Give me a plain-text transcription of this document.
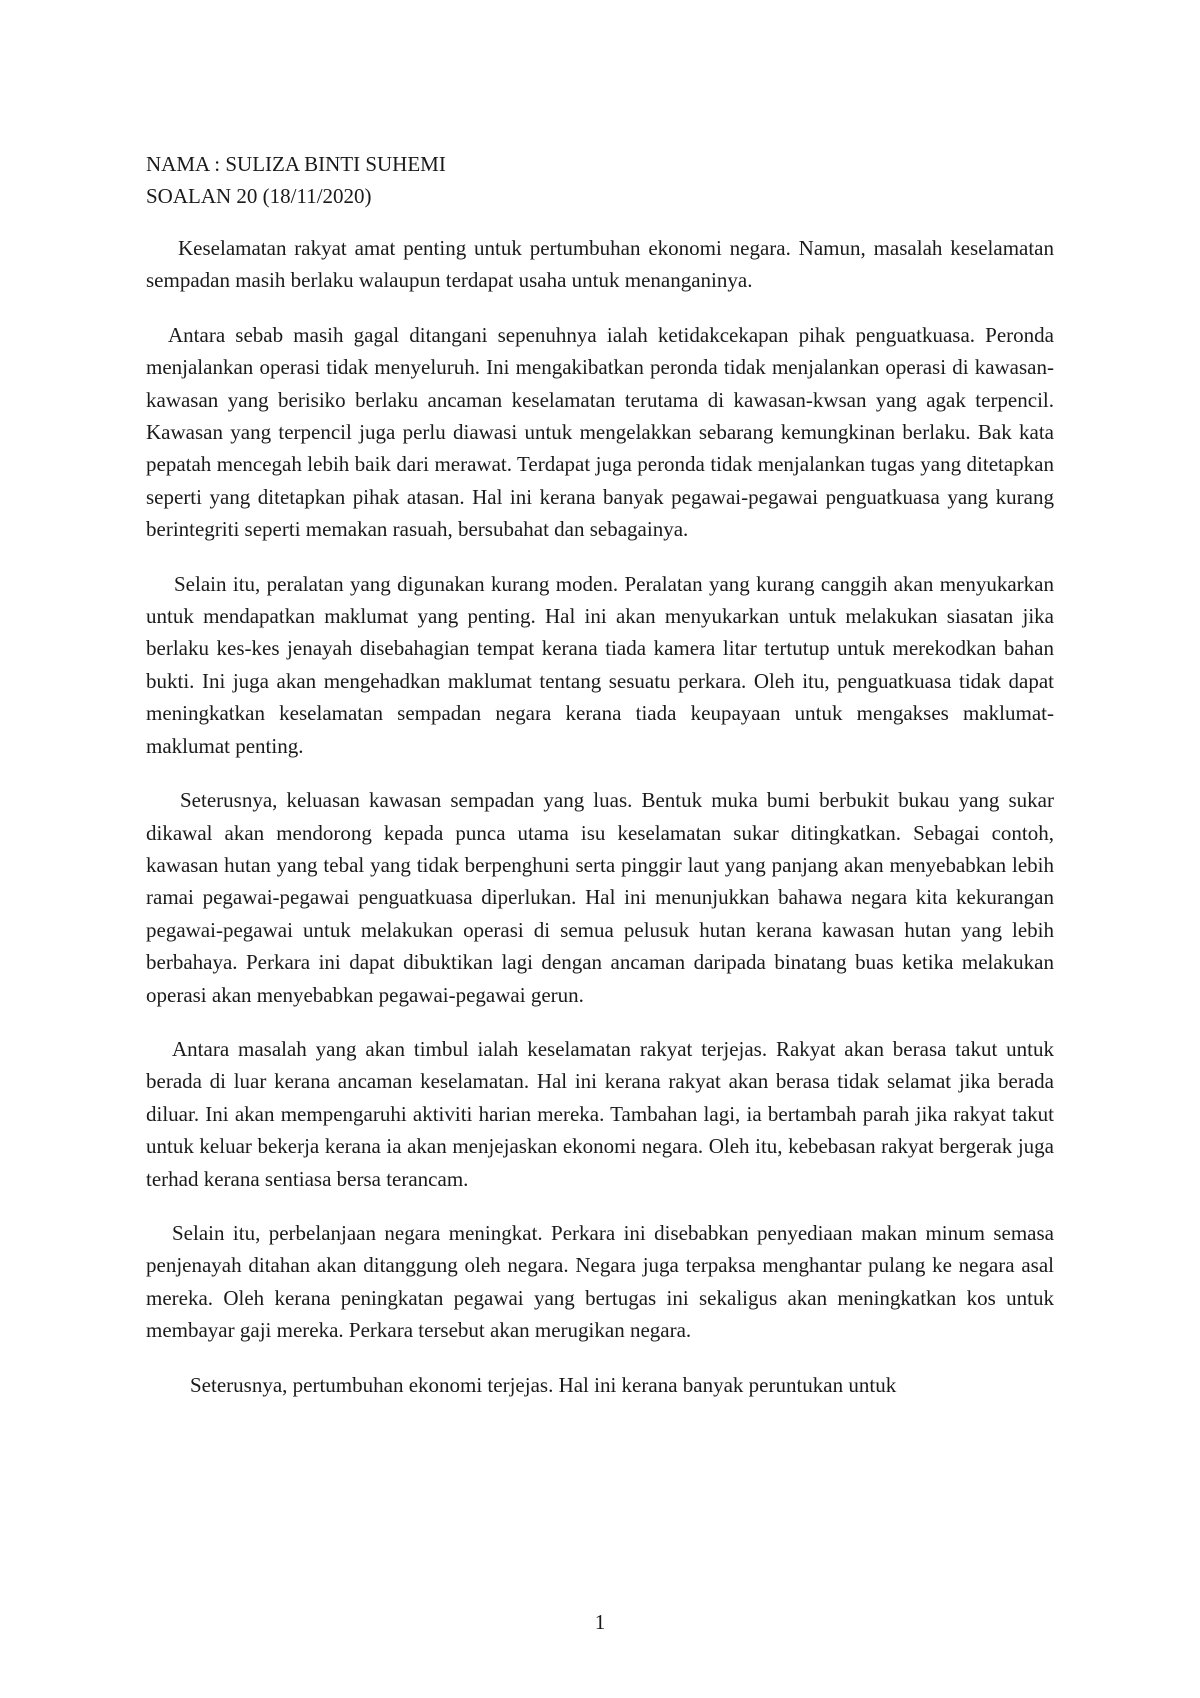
NAMA : SULIZA BINTI SUHEMI

SOALAN 20 (18/11/2020)

Keselamatan rakyat amat penting untuk pertumbuhan ekonomi negara. Namun, masalah keselamatan sempadan masih berlaku walaupun terdapat usaha untuk menanganinya.

Antara sebab masih gagal ditangani sepenuhnya ialah ketidakcekapan pihak penguatkuasa. Peronda menjalankan operasi tidak menyeluruh. Ini mengakibatkan peronda tidak menjalankan operasi di kawasan-kawasan yang berisiko berlaku ancaman keselamatan terutama di kawasan-kwsan yang agak terpencil. Kawasan yang terpencil juga perlu diawasi untuk mengelakkan sebarang kemungkinan berlaku. Bak kata pepatah mencegah lebih baik dari merawat. Terdapat juga peronda tidak menjalankan tugas yang ditetapkan seperti yang ditetapkan pihak atasan. Hal ini kerana banyak pegawai-pegawai penguatkuasa yang kurang berintegriti seperti memakan rasuah, bersubahat dan sebagainya.

Selain itu, peralatan yang digunakan kurang moden. Peralatan yang kurang canggih akan menyukarkan untuk mendapatkan maklumat yang penting. Hal ini akan menyukarkan untuk melakukan siasatan jika berlaku kes-kes jenayah disebahagian tempat kerana tiada kamera litar tertutup untuk merekodkan bahan bukti. Ini juga akan mengehadkan maklumat tentang sesuatu perkara. Oleh itu, penguatkuasa tidak dapat meningkatkan keselamatan sempadan negara kerana tiada keupayaan untuk mengakses maklumat-maklumat penting.

Seterusnya, keluasan kawasan sempadan yang luas. Bentuk muka bumi berbukit bukau yang sukar dikawal akan mendorong kepada punca utama isu keselamatan sukar ditingkatkan. Sebagai contoh, kawasan hutan yang tebal yang tidak berpenghuni serta pinggir laut yang panjang akan menyebabkan lebih ramai pegawai-pegawai penguatkuasa diperlukan. Hal ini menunjukkan bahawa negara kita kekurangan pegawai-pegawai untuk melakukan operasi di semua pelusuk hutan kerana kawasan hutan yang lebih berbahaya. Perkara ini dapat dibuktikan lagi dengan ancaman daripada binatang buas ketika melakukan operasi akan menyebabkan pegawai-pegawai gerun.

Antara masalah yang akan timbul ialah keselamatan rakyat terjejas. Rakyat akan berasa takut untuk berada di luar kerana ancaman keselamatan. Hal ini kerana rakyat akan berasa tidak selamat jika berada diluar. Ini akan mempengaruhi aktiviti harian mereka. Tambahan lagi, ia bertambah parah jika rakyat takut untuk keluar bekerja kerana ia akan menjejaskan ekonomi negara. Oleh itu, kebebasan rakyat bergerak juga terhad kerana sentiasa bersa terancam.

Selain itu, perbelanjaan negara meningkat. Perkara ini disebabkan penyediaan makan minum semasa penjenayah ditahan akan ditanggung oleh negara. Negara juga terpaksa menghantar pulang ke negara asal mereka. Oleh kerana peningkatan pegawai yang bertugas ini sekaligus akan meningkatkan kos untuk membayar gaji mereka. Perkara tersebut akan merugikan negara.

Seterusnya, pertumbuhan ekonomi terjejas. Hal ini kerana banyak peruntukan untuk

1
